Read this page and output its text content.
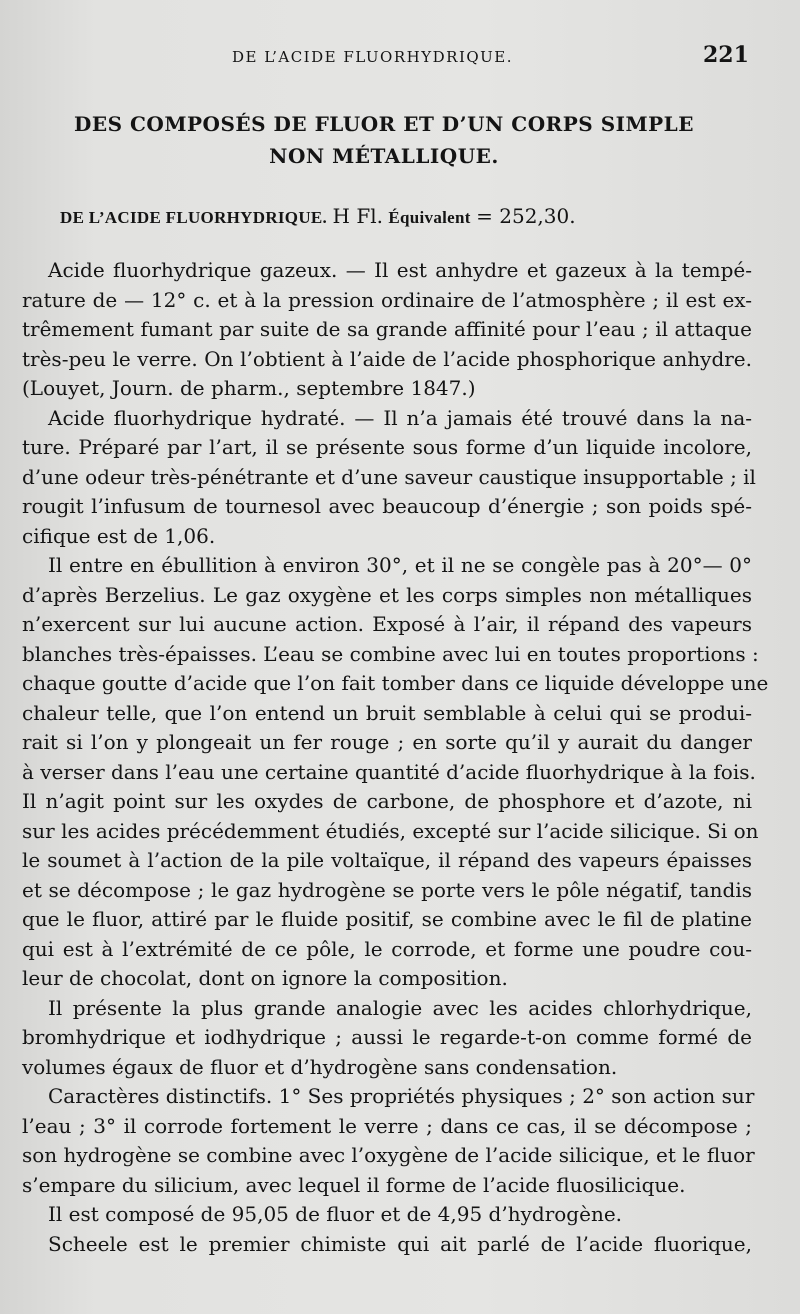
DE L’ACIDE FLUORHYDRIQUE.	221
DES COMPOSÉS DE FLUOR ET D’UN CORPS SIMPLE
NON MÉTALLIQUE.
DE L’ACIDE FLUORHYDRIQUE. H Fl. Équivalent = 252,30.
Acide fluorhydrique gazeux. — Il est anhydre et gazeux à la tempé-
rature de — 12° c. et à la pression ordinaire de l’atmosphère ; il est ex-
trêmement fumant par suite de sa grande affinité pour l’eau ; il attaque
très-peu le verre. On l’obtient à l’aide de l’acide phosphorique anhydre.
(Louyet, Journ. de pharm., septembre 1847.)
Acide fluorhydrique hydraté. — Il n’a jamais été trouvé dans la na-
ture. Préparé par l’art, il se présente sous forme d’un liquide incolore,
d’une odeur très-pénétrante et d’une saveur caustique insupportable ; il
rougit l’infusum de tournesol avec beaucoup d’énergie ; son poids spé-
cifique est de 1,06.
Il entre en ébullition à environ 30°, et il ne se congèle pas à 20°— 0°
d’après Berzelius. Le gaz oxygène et les corps simples non métalliques
n’exercent sur lui aucune action. Exposé à l’air, il répand des vapeurs
blanches très-épaisses. L’eau se combine avec lui en toutes proportions :
chaque goutte d’acide que l’on fait tomber dans ce liquide développe une
chaleur telle, que l’on entend un bruit semblable à celui qui se produi-
rait si l’on y plongeait un fer rouge ; en sorte qu’il y aurait du danger
à verser dans l’eau une certaine quantité d’acide fluorhydrique à la fois.
Il n’agit point sur les oxydes de carbone, de phosphore et d’azote, ni
sur les acides précédemment étudiés, excepté sur l’acide silicique. Si on
le soumet à l’action de la pile voltaïque, il répand des vapeurs épaisses
et se décompose ; le gaz hydrogène se porte vers le pôle négatif, tandis
que le fluor, attiré par le fluide positif, se combine avec le fil de platine
qui est à l’extrémité de ce pôle, le corrode, et forme une poudre cou-
leur de chocolat, dont on ignore la composition.
Il présente la plus grande analogie avec les acides chlorhydrique,
bromhydrique et iodhydrique ; aussi le regarde-t-on comme formé de
volumes égaux de fluor et d’hydrogène sans condensation.
Caractères distinctifs. 1° Ses propriétés physiques ; 2° son action sur
l’eau ; 3° il corrode fortement le verre ; dans ce cas, il se décompose ;
son hydrogène se combine avec l’oxygène de l’acide silicique, et le fluor
s’empare du silicium, avec lequel il forme de l’acide fluosilicique.
Il est composé de 95,05 de fluor et de 4,95 d’hydrogène.
Scheele est le premier chimiste qui ait parlé de l’acide fluorique,
